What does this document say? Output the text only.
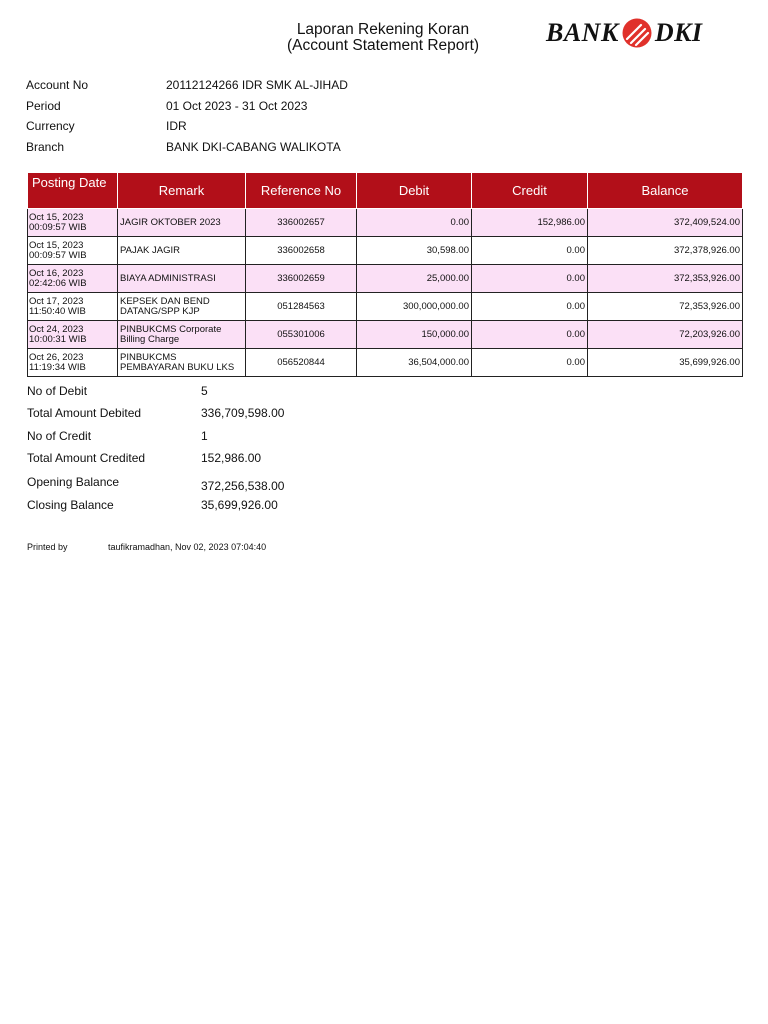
Laporan Rekening Koran
(Account Statement Report)	BANK DKI
Account No	20112124266 IDR SMK AL-JIHAD
Period	01 Oct 2023 - 31 Oct 2023
Currency	IDR
Branch	BANK DKI-CABANG WALIKOTA
Posting Date	Remark	Reference No	Debit	Credit	Balance

Oct 15, 2023
00:09:57 WIB	JAGIR OKTOBER 2023	336002657	0.00	152,986.00	372,409,524.00

Oct 15, 2023
00:09:57 WIB	PAJAK JAGIR	336002658	30,598.00	0.00	372,378,926.00

Oct 16, 2023
02:42:06 WIB	BIAYA ADMINISTRASI	336002659	25,000.00	0.00	372,353,926.00

Oct 17, 2023
11:50:40 WIB	KEPSEK DAN BEND DATANG/SPP KJP	051284563	300,000,000.00	0.00	72,353,926.00

Oct 24, 2023
10:00:31 WIB	PINBUKCMS Corporate Billing Charge	055301006	150,000.00	0.00	72,203,926.00

Oct 26, 2023
11:19:34 WIB	PINBUKCMS PEMBAYARAN BUKU LKS	056520844	36,504,000.00	0.00	35,699,926.00
No of Debit	5
Total Amount Debited	336,709,598.00
No of Credit	1
Total Amount Credited	152,986.00
Opening Balance	372,256,538.00
Closing Balance	35,699,926.00
Printed by	taufikramadhan, Nov 02, 2023 07:04:40
